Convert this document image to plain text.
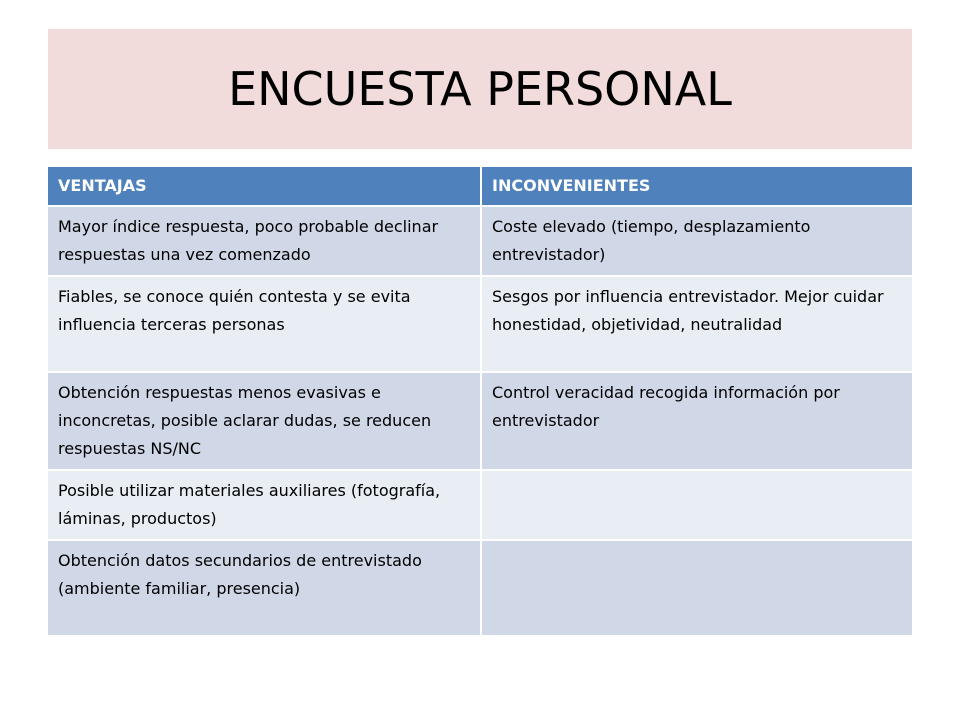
ENCUESTA PERSONAL
VENTAJAS	INCONVENIENTES
Mayor índice respuesta, poco probable declinar respuestas una vez comenzado	Coste elevado (tiempo, desplazamiento entrevistador)
Fiables, se conoce quién contesta y se evita influencia terceras personas	Sesgos por influencia entrevistador. Mejor cuidar honestidad, objetividad, neutralidad
Obtención respuestas menos evasivas e inconcretas, posible aclarar dudas, se reducen respuestas NS/NC	Control veracidad recogida información por entrevistador
Posible utilizar materiales auxiliares (fotografía, láminas, productos)	
Obtención datos secundarios de entrevistado (ambiente familiar, presencia)	
